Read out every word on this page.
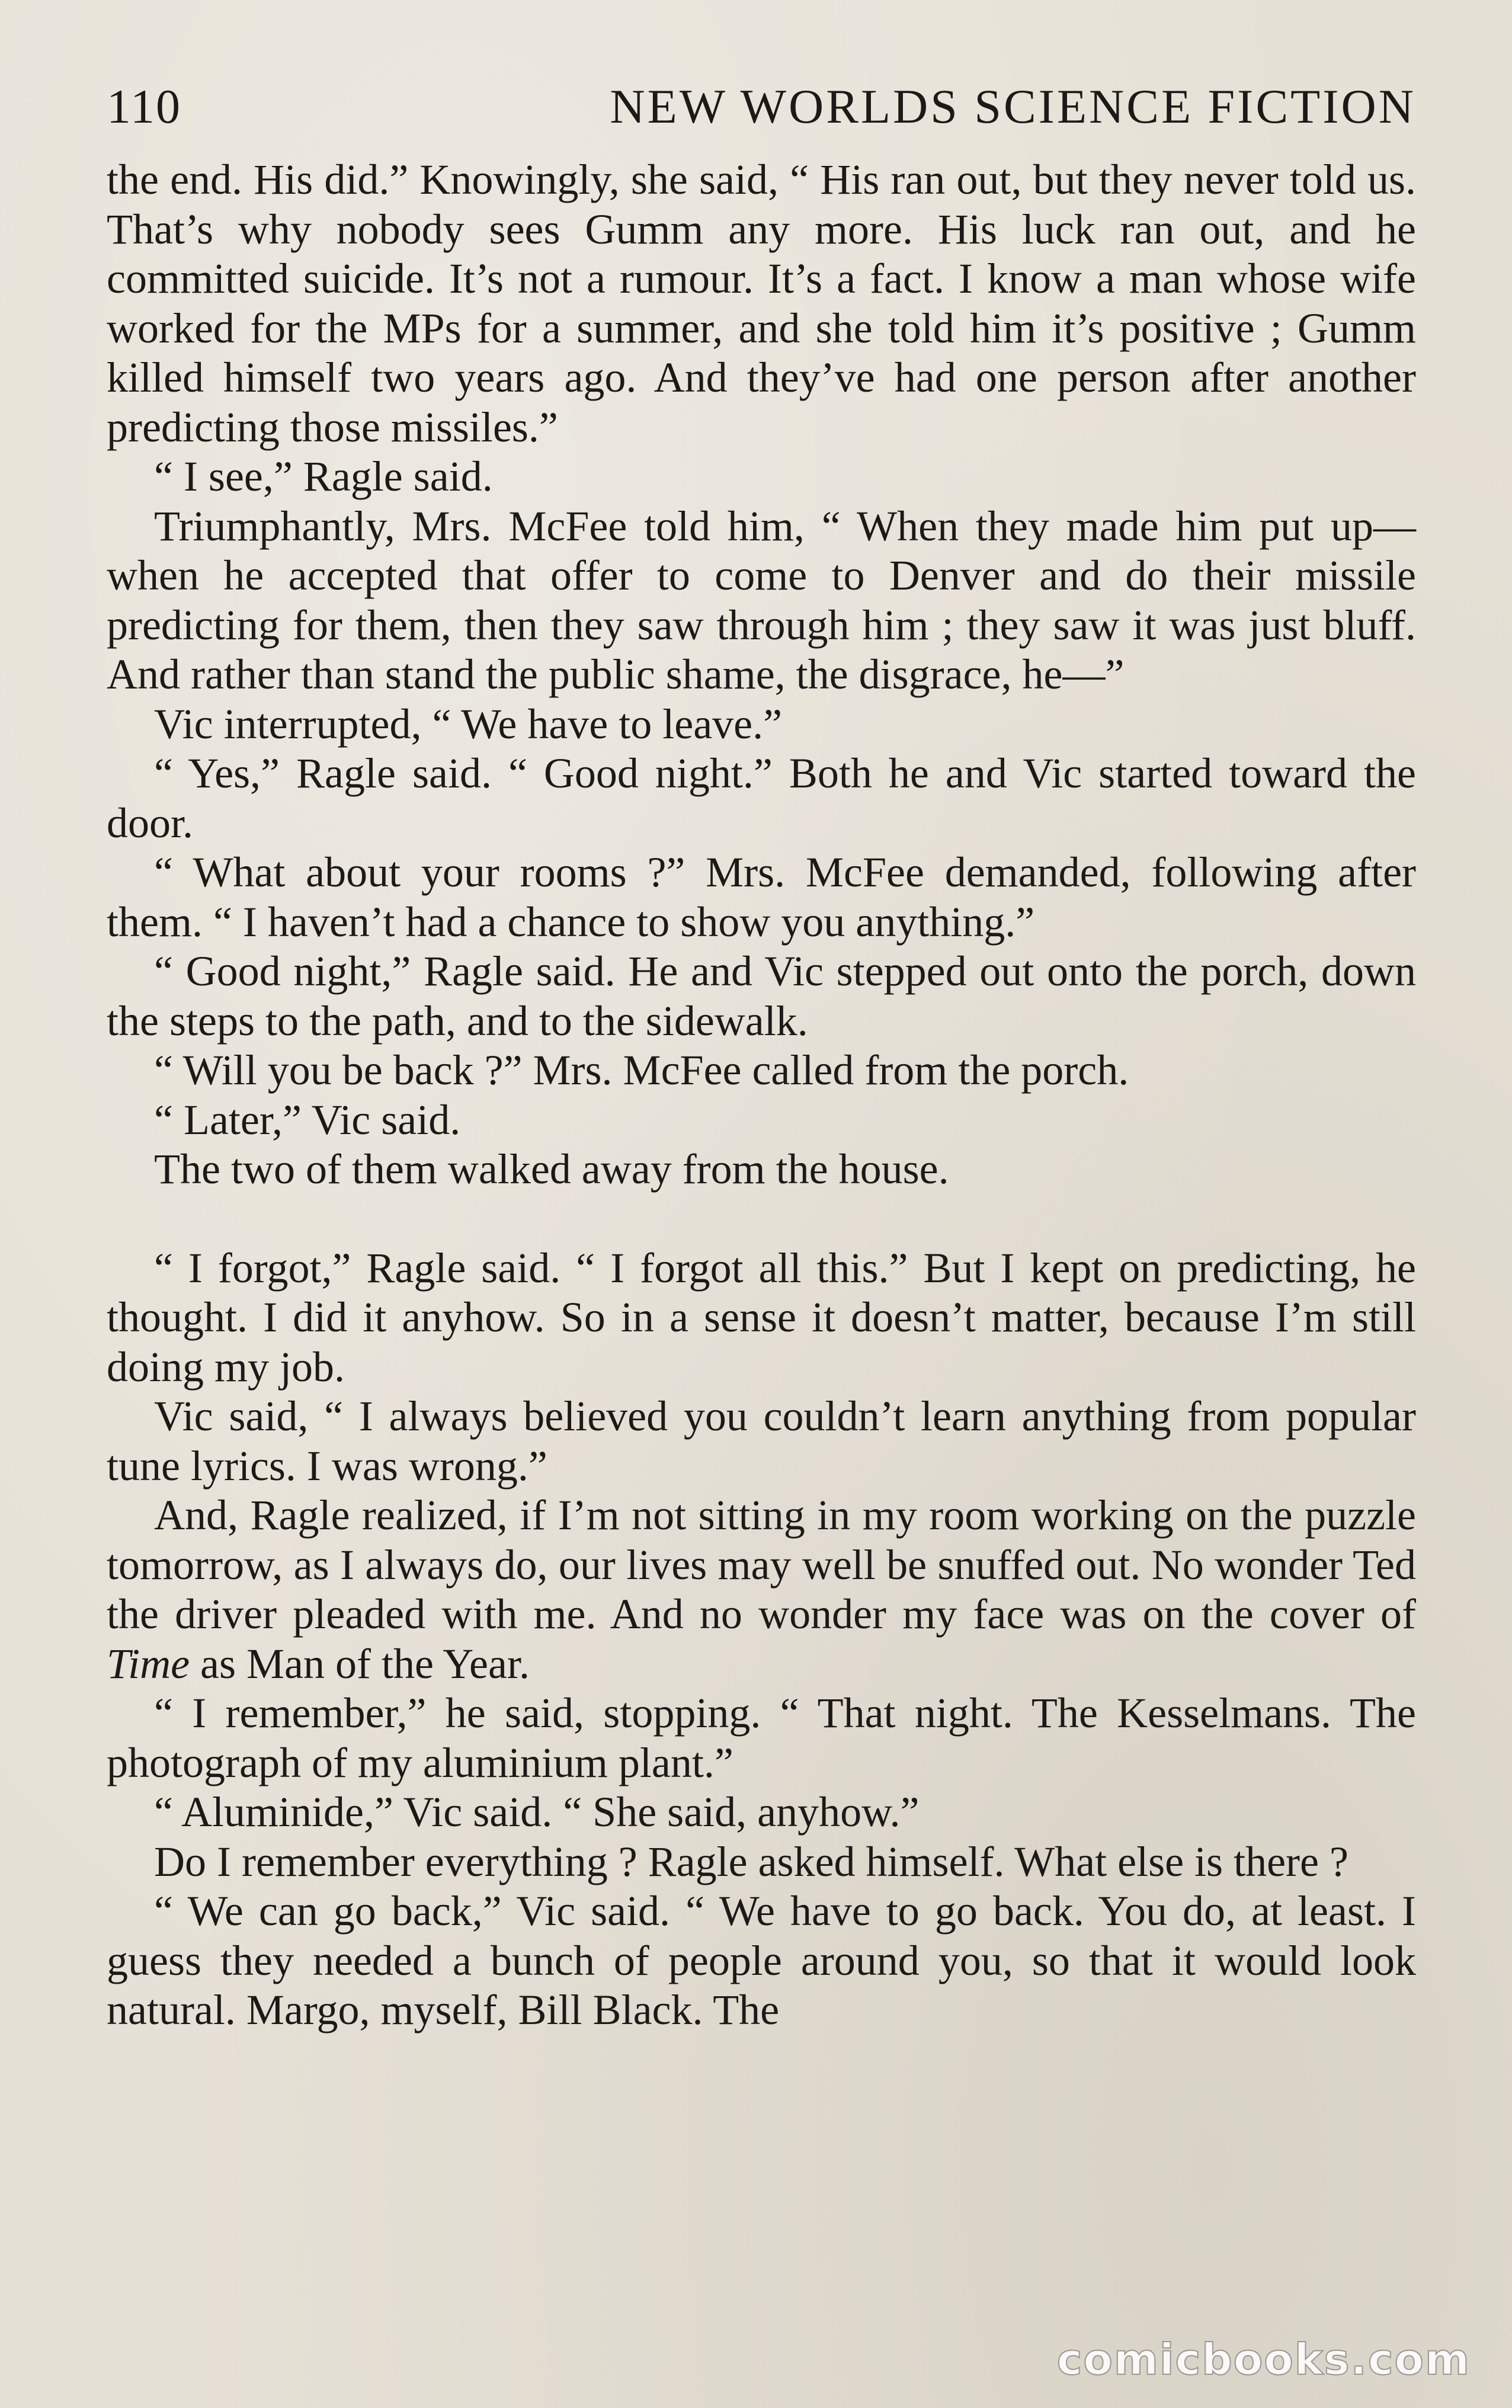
110	NEW WORLDS SCIENCE FICTION

the end. His did.” Knowingly, she said, “ His ran out, but they never told us. That’s why nobody sees Gumm any more. His luck ran out, and he committed suicide. It’s not a rumour. It’s a fact. I know a man whose wife worked for the MPs for a summer, and she told him it’s positive ; Gumm killed himself two years ago. And they’ve had one person after another predicting those missiles.”

“ I see,” Ragle said.

Triumphantly, Mrs. McFee told him, “ When they made him put up—when he accepted that offer to come to Denver and do their missile predicting for them, then they saw through him ; they saw it was just bluff. And rather than stand the public shame, the disgrace, he—”

Vic interrupted, “ We have to leave.”

“ Yes,” Ragle said. “ Good night.” Both he and Vic started toward the door.

“ What about your rooms ?” Mrs. McFee demanded, following after them. “ I haven’t had a chance to show you anything.”

“ Good night,” Ragle said. He and Vic stepped out onto the porch, down the steps to the path, and to the sidewalk.

“ Will you be back ?” Mrs. McFee called from the porch.

“ Later,” Vic said.

The two of them walked away from the house.

“ I forgot,” Ragle said. “ I forgot all this.” But I kept on predicting, he thought. I did it anyhow. So in a sense it doesn’t matter, because I’m still doing my job.

Vic said, “ I always believed you couldn’t learn anything from popular tune lyrics. I was wrong.”

And, Ragle realized, if I’m not sitting in my room working on the puzzle tomorrow, as I always do, our lives may well be snuffed out. No wonder Ted the driver pleaded with me. And no wonder my face was on the cover of Time as Man of the Year.

“ I remember,” he said, stopping. “ That night. The Kesselmans. The photograph of my aluminium plant.”

“ Aluminide,” Vic said. “ She said, anyhow.”

Do I remember everything ? Ragle asked himself. What else is there ?

“ We can go back,” Vic said. “ We have to go back. You do, at least. I guess they needed a bunch of people around you, so that it would look natural. Margo, myself, Bill Black. The

comicbooks.com
